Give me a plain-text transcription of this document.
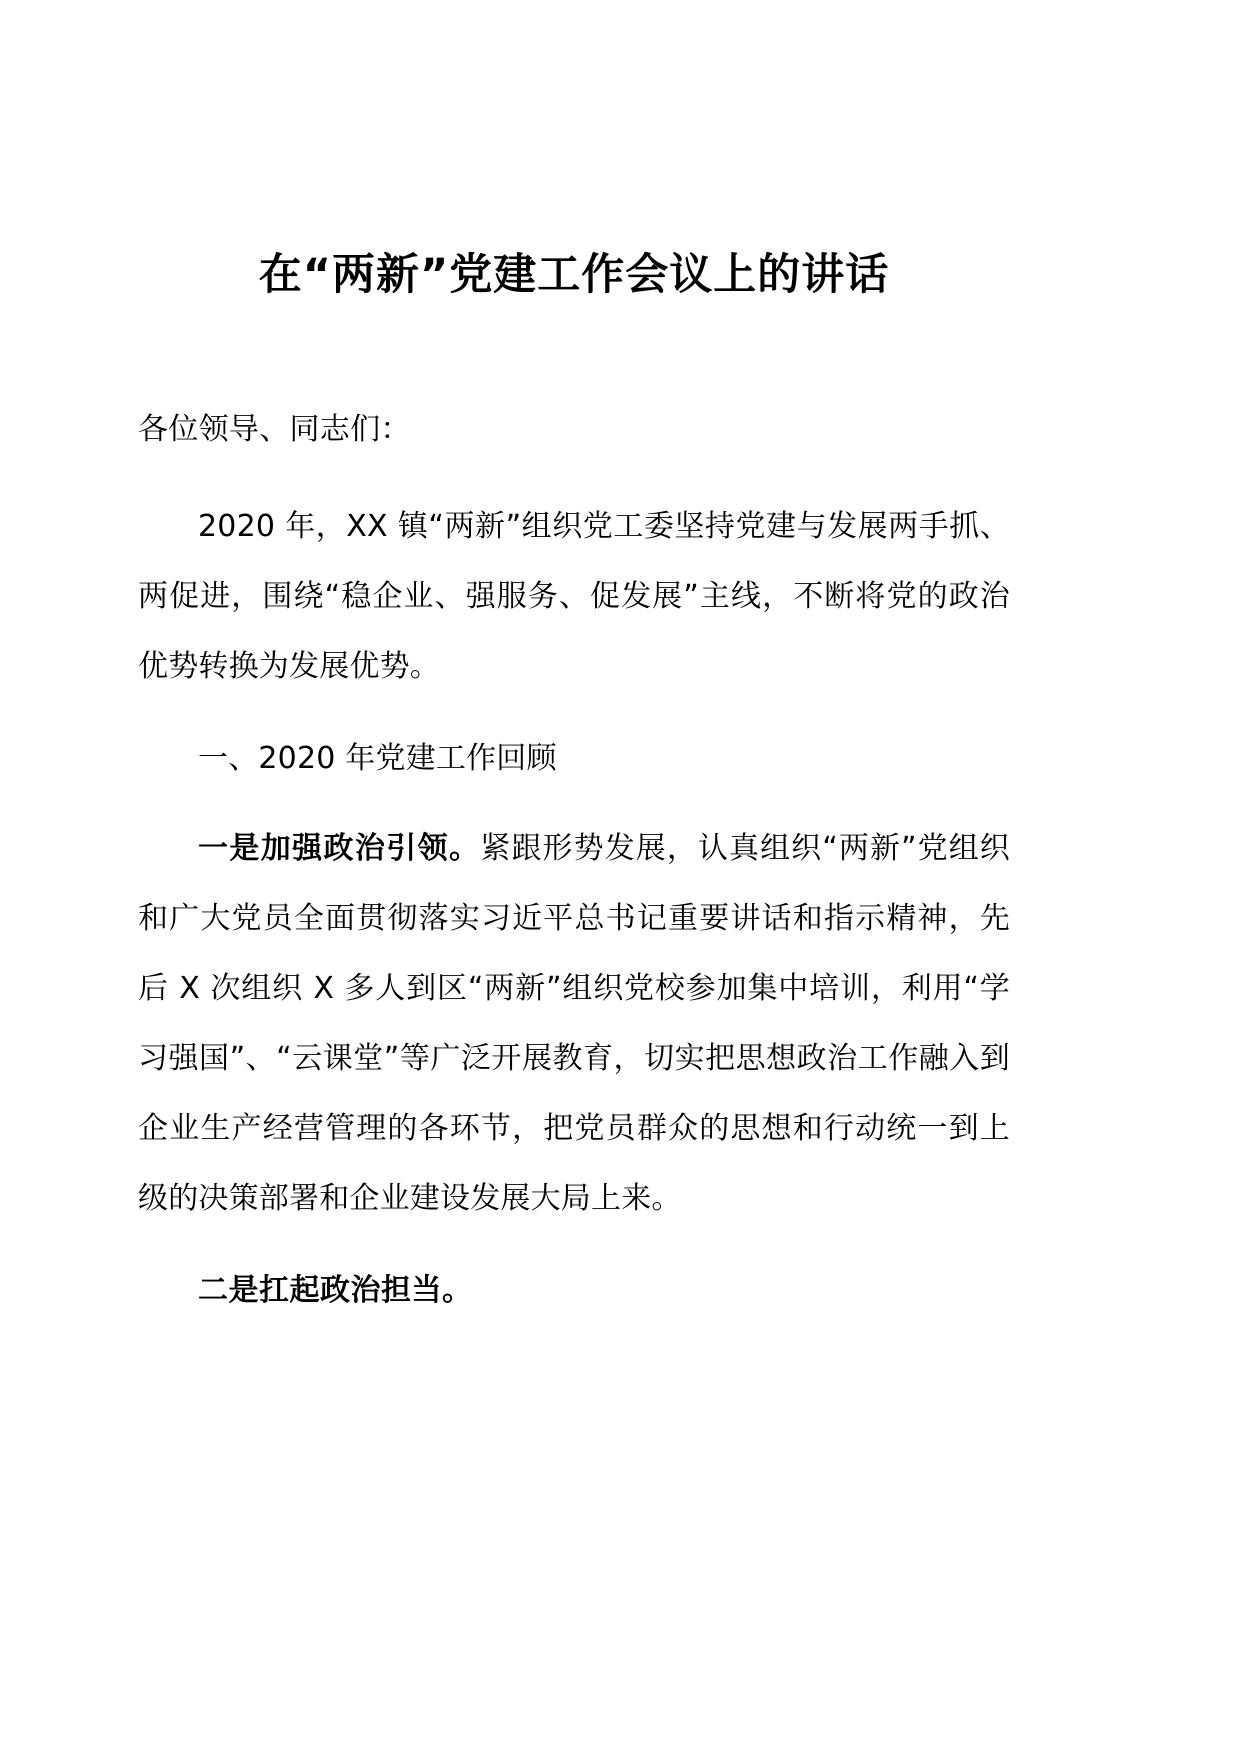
在“两新”党建工作会议上的讲话

各位领导、同志们：

2020 年，XX 镇“两新”组织党工委坚持党建与发展两手抓、两促进，围绕“稳企业、强服务、促发展”主线，不断将党的政治优势转换为发展优势。

一、2020 年党建工作回顾

一是加强政治引领。紧跟形势发展，认真组织“两新”党组织和广大党员全面贯彻落实习近平总书记重要讲话和指示精神，先后 X 次组织 X 多人到区“两新”组织党校参加集中培训，利用“学习强国”、“云课堂”等广泛开展教育，切实把思想政治工作融入到企业生产经营管理的各环节，把党员群众的思想和行动统一到上级的决策部署和企业建设发展大局上来。

二是扛起政治担当。
